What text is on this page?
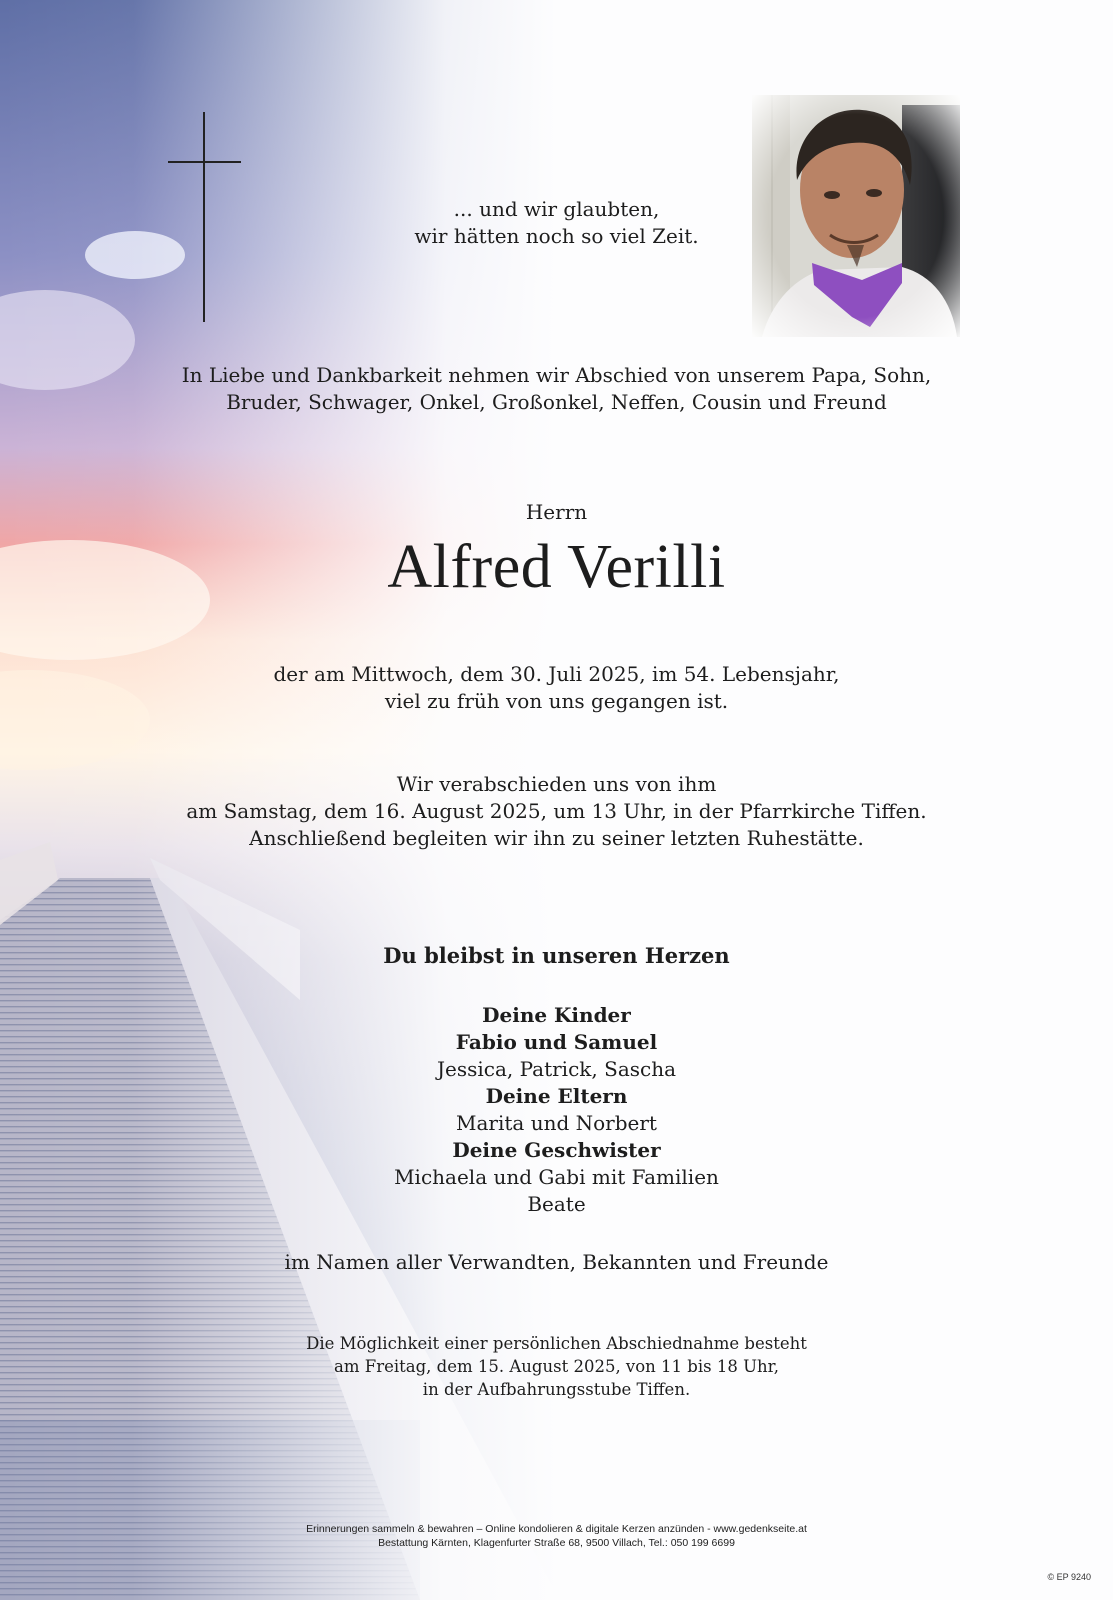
... und wir glaubten,
wir hätten noch so viel Zeit.
In Liebe und Dankbarkeit nehmen wir Abschied von unserem Papa, Sohn,
Bruder, Schwager, Onkel, Großonkel, Neffen, Cousin und Freund
Herrn
Alfred Verilli
der am Mittwoch, dem 30. Juli 2025, im 54. Lebensjahr,
viel zu früh von uns gegangen ist.
Wir verabschieden uns von ihm
am Samstag, dem 16. August 2025, um 13 Uhr, in der Pfarrkirche Tiffen.
Anschließend begleiten wir ihn zu seiner letzten Ruhestätte.
Du bleibst in unseren Herzen
Deine Kinder
Fabio und Samuel
Jessica, Patrick, Sascha
Deine Eltern
Marita und Norbert
Deine Geschwister
Michaela und Gabi mit Familien
Beate
im Namen aller Verwandten, Bekannten und Freunde
Die Möglichkeit einer persönlichen Abschiednahme besteht
am Freitag, dem 15. August 2025, von 11 bis 18 Uhr,
in der Aufbahrungsstube Tiffen.
Erinnerungen sammeln & bewahren – Online kondolieren & digitale Kerzen anzünden - www.gedenkseite.at
Bestattung Kärnten, Klagenfurter Straße 68, 9500 Villach, Tel.: 050 199 6699
© EP 9240
